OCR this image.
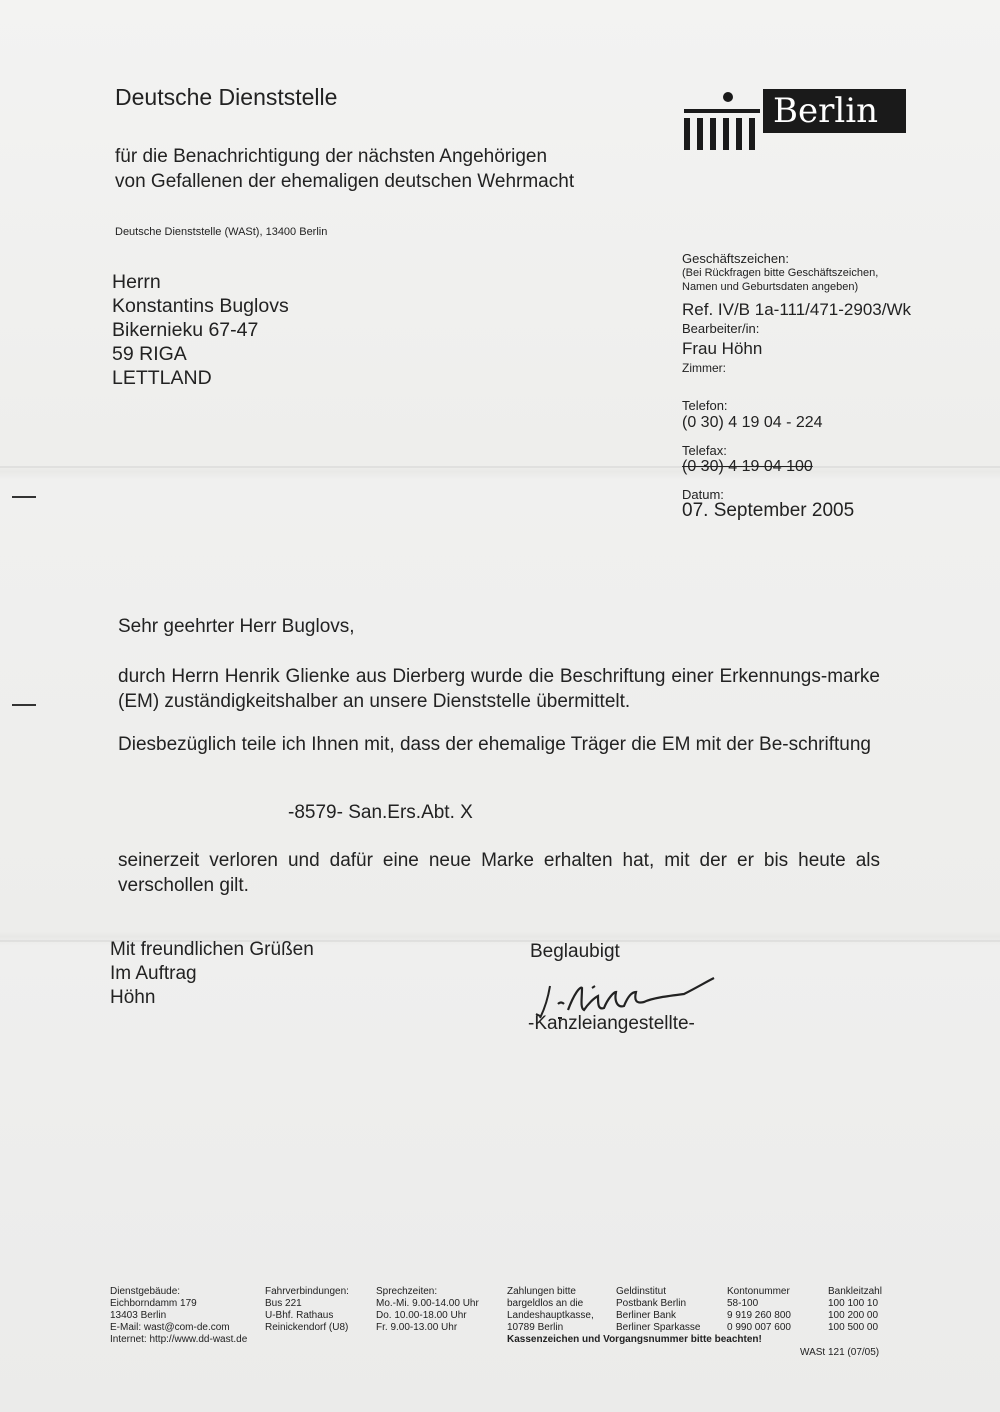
Deutsche Dienststelle
für die Benachrichtigung der nächsten Angehörigen
von Gefallenen der ehemaligen deutschen Wehrmacht
Berlin
Deutsche Dienststelle (WASt), 13400 Berlin
Herrn
Konstantins Buglovs
Bikernieku 67-47
59 RIGA
LETTLAND
Geschäftszeichen:
(Bei Rückfragen bitte Geschäftszeichen,
Namen und Geburtsdaten angeben)
Ref. IV/B 1a-111/471-2903/Wk
Bearbeiter/in:
Frau Höhn
Zimmer:
Telefon:
(0 30) 4 19 04 - 224
Telefax:
(0 30) 4 19 04 100
Datum:
07. September 2005
Sehr geehrter Herr Buglovs,
durch Herrn Henrik Glienke aus Dierberg wurde die Beschriftung einer Erkennungs-marke (EM) zuständigkeitshalber an unsere Dienststelle übermittelt.
Diesbezüglich teile ich Ihnen mit, dass der ehemalige Träger die EM mit der Be-schriftung
-8579- San.Ers.Abt. X
seinerzeit verloren und dafür eine neue Marke erhalten hat, mit der er bis heute als verschollen gilt.
Mit freundlichen Grüßen
Im Auftrag
Höhn
Beglaubigt
-Kanzleiangestellte-
Dienstgebäude:
Eichborndamm 179
13403 Berlin
E-Mail: wast@com-de.com
Internet: http://www.dd-wast.de
Fahrverbindungen:
Bus 221
U-Bhf. Rathaus
Reinickendorf (U8)
Sprechzeiten:
Mo.-Mi. 9.00-14.00 Uhr
Do. 10.00-18.00 Uhr
Fr. 9.00-13.00 Uhr
Zahlungen bitte
bargeldlos an die
Landeshauptkasse,
10789 Berlin
Geldinstitut
Postbank Berlin
Berliner Bank
Berliner Sparkasse
Kontonummer
58-100
9 919 260 800
0 990 007 600
Bankleitzahl
100 100 10
100 200 00
100 500 00
Kassenzeichen und Vorgangsnummer bitte beachten!
WASt 121 (07/05)
